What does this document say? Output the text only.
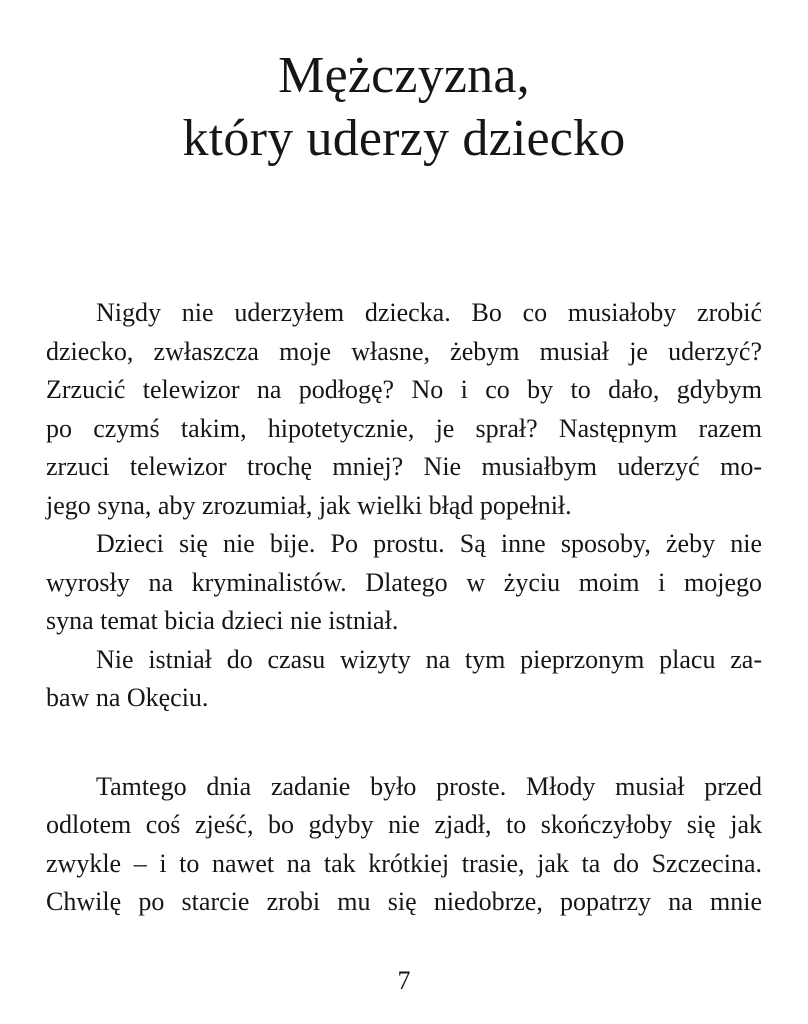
Mężczyzna,
który uderzy dziecko
Nigdy nie uderzyłem dziecka. Bo co musiałoby zrobić
dziecko, zwłaszcza moje własne, żebym musiał je uderzyć?
Zrzucić telewizor na podłogę? No i co by to dało, gdybym
po czymś takim, hipotetycznie, je sprał? Następnym razem
zrzuci telewizor trochę mniej? Nie musiałbym uderzyć mo-
jego syna, aby zrozumiał, jak wielki błąd popełnił.
Dzieci się nie bije. Po prostu. Są inne sposoby, żeby nie
wyrosły na kryminalistów. Dlatego w życiu moim i mojego
syna temat bicia dzieci nie istniał.
Nie istniał do czasu wizyty na tym pieprzonym placu za-
baw na Okęciu.
Tamtego dnia zadanie było proste. Młody musiał przed
odlotem coś zjeść, bo gdyby nie zjadł, to skończyłoby się jak
zwykle – i to nawet na tak krótkiej trasie, jak ta do Szczecina.
Chwilę po starcie zrobi mu się niedobrze, popatrzy na mnie
7
